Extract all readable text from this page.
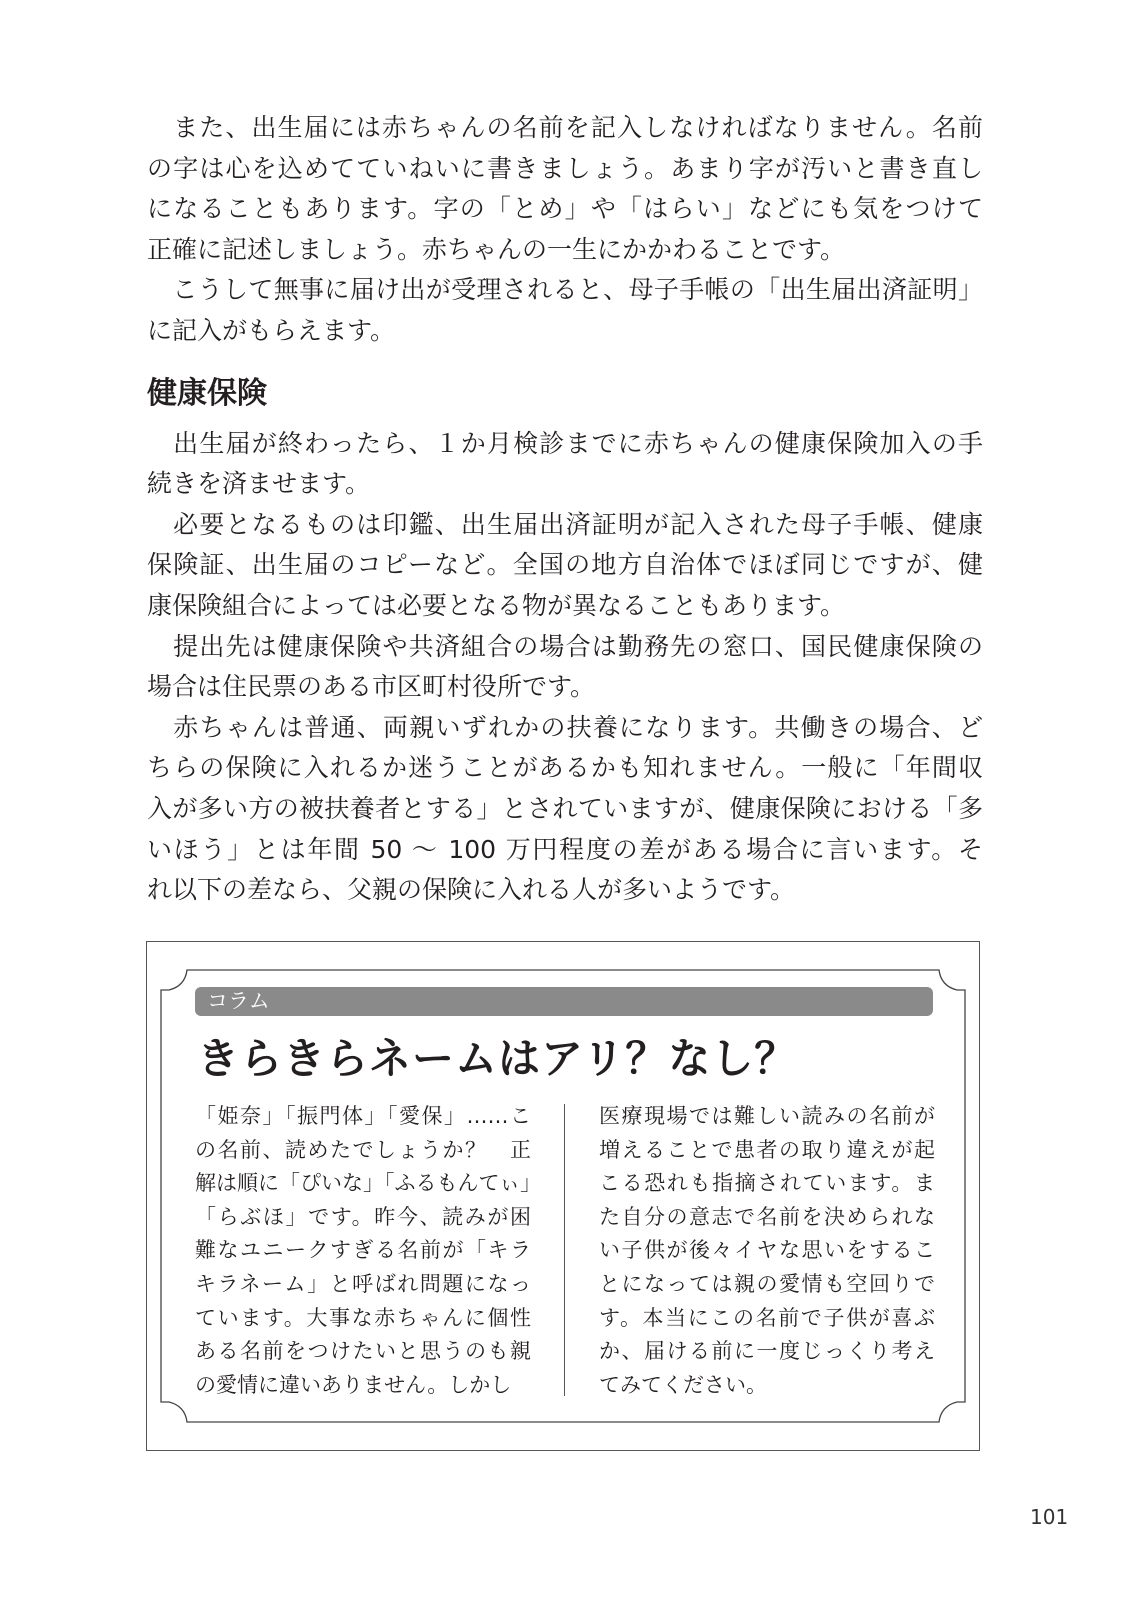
　また、出生届には赤ちゃんの名前を記入しなければなりません。名前
の字は心を込めてていねいに書きましょう。あまり字が汚いと書き直し
になることもあります。字の「とめ」や「はらい」などにも気をつけて
正確に記述しましょう。赤ちゃんの一生にかかわることです。
　こうして無事に届け出が受理されると、母子手帳の「出生届出済証明」
に記入がもらえます。
健康保険
　出生届が終わったら、１か月検診までに赤ちゃんの健康保険加入の手
続きを済ませます。
　必要となるものは印鑑、出生届出済証明が記入された母子手帳、健康
保険証、出生届のコピーなど。全国の地方自治体でほぼ同じですが、健
康保険組合によっては必要となる物が異なることもあります。
　提出先は健康保険や共済組合の場合は勤務先の窓口、国民健康保険の
場合は住民票のある市区町村役所です。
　赤ちゃんは普通、両親いずれかの扶養になります。共働きの場合、ど
ちらの保険に入れるか迷うことがあるかも知れません。一般に「年間収
入が多い方の被扶養者とする」とされていますが、健康保険における「多
いほう」とは年間 50 ～ 100 万円程度の差がある場合に言います。そ
れ以下の差なら、父親の保険に入れる人が多いようです。
コラム
きらきらネームはアリ？なし？
「姫奈」「振門体」「愛保」……こ
の名前、読めたでしょうか？　正
解は順に「ぴいな」「ふるもんてぃ」
「らぶほ」です。昨今、読みが困
難なユニークすぎる名前が「キラ
キラネーム」と呼ばれ問題になっ
ています。大事な赤ちゃんに個性
ある名前をつけたいと思うのも親
の愛情に違いありません。しかし
医療現場では難しい読みの名前が
増えることで患者の取り違えが起
こる恐れも指摘されています。ま
た自分の意志で名前を決められな
い子供が後々イヤな思いをするこ
とになっては親の愛情も空回りで
す。本当にこの名前で子供が喜ぶ
か、届ける前に一度じっくり考え
てみてください。
101
